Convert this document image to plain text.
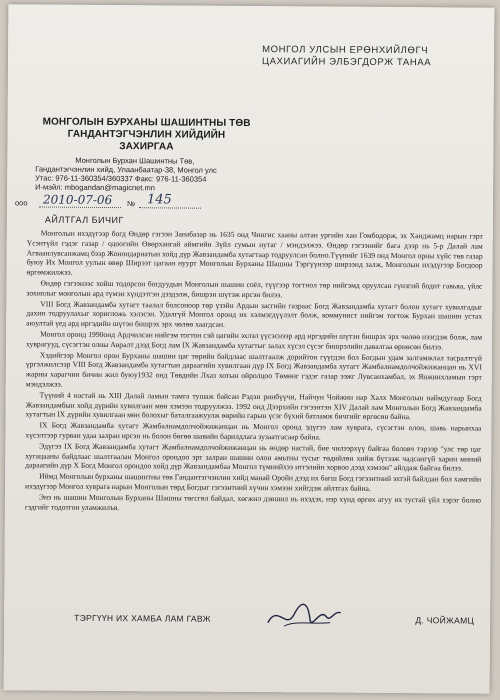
МОНГОЛ УЛСЫН ЕРӨНХИЙЛӨГЧ
ЦАХИАГИЙН ЭЛБЭГДОРЖ ТАНАА
МОНГОЛЫН БУРХАНЫ ШАШИНТНЫ ТӨВ
ГАНДАНТЭГЧЭНЛИН ХИЙДИЙН
ЗАХИРГАА
Монголын Бурхан Шашинтны Төв,
Гандантэгчэнлин хийд, Улаанбаатар-38, Монгол улс
Утас: 976-11-360354/360337 Факс: 976-11-360354
И-мэйл: mbogandan@magicnet.mn
ооо 2010-07-06 № 145
АЙЛТГАЛ БИЧИГ

Монголын ихэдүгээр богд Өндөр гэгээн Занабазар нь 1635 онд Чингис хааны алтан ургийн хан Гомбодорж, эх Ханджамц нарын гэрт Үсэнтүйл гэдэг газар / одоогийн Өвөрхангай аймгийн Зүйл сумын нутаг / мэндэлжээ. Өндөр гэгээнийг бага дээр нь 5-р Далай лам Агваанлувсанжамц бээр Жонондарнатын хойд дүр Жавзандамба хутагтаар тодруулсан болно.Түүнийг 1639 онд Монгол орны хүйс төв газар буюу Их Монгол уулын өвөр Ширээт цагаан нуурт Монголын Бурханы Шашны Тэргүүнээр ширээнд залж, Монголын ихэдүгээр Богдоор өргөмжилжээ.

Өндөр гэгээнээс хойш тодорсон богдуудын Монголын шашин соёл, түүгээр тогтнол төр нийгэмд оруулсан гүнзгий бодит гавьяа, үйлс зохиолыг монголын ард түмэн хүндэтгэн дээдэлж, бишрэн шүтэж ирсэн билээ.

VIII Богд Жавзандамба хутагт таалал болсоноор төр үзэйн Ардын засгийн газраас Богд Жавзандамба хутагт болон хутагт хувилгадыг дахин тодруулахыг хоригложь хэлэсэн. Удалгүй Монгол оронд их хэлмэгдүүлэлт болж, коммунист нийгэм тогтож Бурхан шашин устах аюултай үед ард иргэдийн шүтэн бишрэх эрх чөлөө хаагдсан.

Монгол оронд 1990онд Ардчилсан нийгэм тогтон сэй цагийн эхлэл үүсэснээр ард иргэдийн шүтэн бишрэх эрх чөлөө нээгдэж болж, лам хуврагууд, сүсэгтэн олны Авралт дээд Богд лам IX Жавзандамба хутагтыг залах хүсэл сүсэг бишрэлийн давалгаа өрнөсөн билээ.

Хэдийгээр Монгол орон Бурханы шашин цаг төрийн байдлаас шалтгаалж дорийтон гүүгдэн бол Богдын удам залгамжлал тасралтгүй үргэлжилсээр VIII Богд Жавзандамба хутагтын дараагийн хувилгаан дүр IX Богд Жавзандамба хутагт Жамбалнамдолчойжижанцан нь XVI жарны харагчин бичин жил буюу1932 онд Төвдийн Лхаз хотын ойролцоо Төмөнг гэдэг газар ээжг Лувсанхамбал, эх Янжинхламын гэрт мэндэлжээ.

Түүний 4 настай нь XIII Далай ламын тамга тушаж байсан Рэдэн ринбүүчи, Найчун Чойжин нар Халх Монголын наймдугаар Богд Жавзандамбын хойд дүрийн хувилгаан мөн хэмээн тодруулжээ. 1992 онд Дээрхийн гэгээнтэн XIV Далай лам Монголын Богд Жавзандамба хутагтын IX дүрийн хувилгаан мөн болохыг баталгаажуулж өөрийн гарын үсэг бүхий батламж бичгийг өргөсөн байна.

IX Богд Жавзандамба хутагт Жамбалнамдолчойжижанцан нь Монгол оронд эдүгээ лам хуврага, сүсэгтэн олон, шавь нарынхаа хүсэлтээр гурван удаа залран ирсэн нь болон бөгөө шавийн барилдлага зузаатгасаар байна.

Эдүгээ IX Богд Жавзандамба хутагт Жамбалнамдолчойжижанцан нь өндөр настай, бие чилээрхүү байгаа боловч тэрээр "улс төр цаг хугацааны байдлаас шалтгаалан Монгол орондоо эрт залран шашин олон амьтны тусыг төдийлөн хийж бүтээж чадсангүй харин миний дараагийн дүр Х Богд Монгол орондоо хойд дүр Жавзандамбаа Монгол түмнийхээ итгэлийн хорвоо дээд хэмээн" айлдаж байгаа билээ.

Иймд Монголын бурханы шашинтны төв Гандантэгчэнлин хийд манай Оройн дээд их багш Богд гэгээнтний эхтэй байлдан бол хамгийн ихэдүгээр Монгол хуврага нарын Монголын төрд Богдыг гэгээнтний хүчин хэмээн хийгдэж айлтгах байна.

Энэ нь шашин Монголын Бурханы Шашны төгсгөл байдал, хөгжил дэвшил нь ихэдэх, нэр хүнд өргөх агуу их тустай үйл хэрэг болно гэдгийг тодотгон уламжилъя.

ТЭРГҮҮН ИХ ХАМБА ЛАМ ГАВЖ	Д. ЧОЙЖАМЦ
